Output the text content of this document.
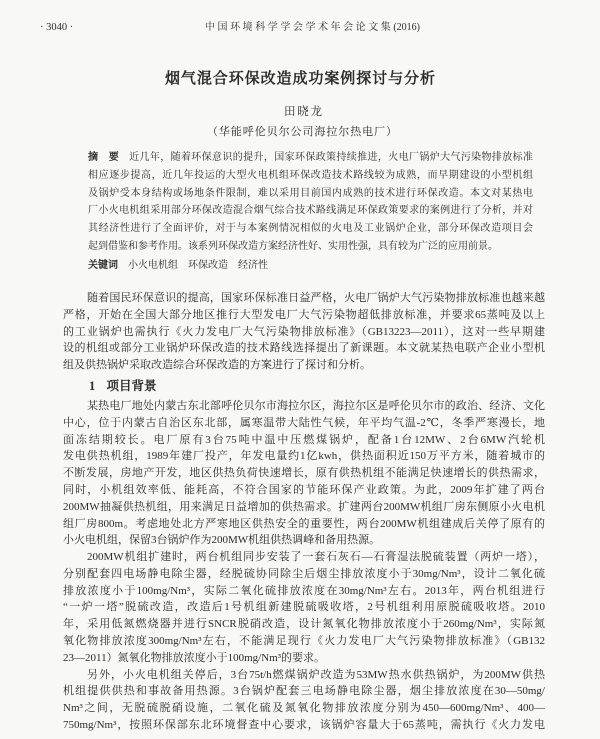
· 3040 ·	中国环境科学学会学术年会论文集(2016)
烟气混合环保改造成功案例探讨与分析
田晓龙
（华能呼伦贝尔公司海拉尔热电厂）
摘　要 近几年，随着环保意识的提升，国家环保政策持续推进，火电厂锅炉大气污染物排放标准
相应逐步提高，近几年投运的大型火电机组环保改造技术路线较为成熟，而早期建设的小型机组
及锅炉受本身结构或场地条件限制，难以采用目前国内成熟的技术进行环保改造。本文对某热电
厂小火电机组采用部分环保改造混合烟气综合技术路线满足环保政策要求的案例进行了分析，并对
其经济性进行了全面评价，对于与本案例情况相似的火电及工业锅炉企业，部分环保改造项目会
起到借鉴和参考作用。该系列环保改造方案经济性好、实用性强，具有较为广泛的应用前景。
关键词 小火电机组 环保改造 经济性
随着国民环保意识的提高，国家环保标准日益严格，火电厂锅炉大气污染物排放标准也越来越
严格，开始在全国大部分地区推行大型发电厂大气污染物超低排放标准，并要求65蒸吨及以上
的工业锅炉也需执行《火力发电厂大气污染物排放标准》（GB13223—2011），这对一些早期建
设的机组或部分工业锅炉环保改造的技术路线选择提出了新课题。本文就某热电联产企业小型机
组及供热锅炉采取改造综合环保改造的方案进行了探讨和分析。
1 项目背景
某热电厂地处内蒙古东北部呼伦贝尔市海拉尔区，海拉尔区是呼伦贝尔市的政治、经济、文化
中心，位于内蒙古自治区东北部，属寒温带大陆性气候，年平均气温-2℃，冬季严寒漫长，地
面冻结期较长。电厂原有3台75吨中温中压燃煤锅炉，配备1台12MW、2台6MW汽轮机
发电供热机组，1989年建厂投产，年发电量约1亿kwh，供热面积近150万平方米，随着城市的
不断发展，房地产开发，地区供热负荷快速增长，原有供热机组不能满足快速增长的供热需求，
同时，小机组效率低、能耗高，不符合国家的节能环保产业政策。为此，2009年扩建了两台
200MW抽凝供热机组，用来满足日益增加的供热需求。扩建两台200MW机组厂房东侧原小火电机
组厂房800m。考虑地处北方严寒地区供热安全的重要性，两台200MW机组建成后关停了原有的
小火电机组，保留3台锅炉作为200MW机组供热调峰和备用热源。
200MW机组扩建时，两台机组同步安装了一套石灰石—石膏湿法脱硫装置（两炉一塔），
分别配套四电场静电除尘器，经脱硫协同除尘后烟尘排放浓度小于30mg/Nm³，设计二氧化硫
排放浓度小于100mg/Nm³，实际二氧化硫排放浓度在30mg/Nm³左右。2013年，两台机组进行
“一炉一塔”脱硫改造，改造后1号机组新建脱硫吸收塔，2号机组利用原脱硫吸收塔。2010
年，采用低氮燃烧器并进行SNCR脱硝改造，设计氮氧化物排放浓度小于260mg/Nm³，实际氮
氧化物排放浓度300mg/Nm³左右，不能满足现行《火力发电厂大气污染物排放标准》（GB132
23—2011）氮氧化物排放浓度小于100mg/Nm³的要求。
另外，小火电机组关停后，3台75t/h燃煤锅炉改造为53MW热水供热锅炉，为200MW供热
机组提供供热和事故备用热源。3台锅炉配套三电场静电除尘器，烟尘排放浓度在30—50mg/
Nm³之间，无脱硫脱硝设施，二氧化硫及氮氧化物排放浓度分别为450—600mg/Nm³、400—
750mg/Nm³，按照环保部东北环境督查中心要求，该锅炉容量大于65蒸吨，需执行《火力发电
